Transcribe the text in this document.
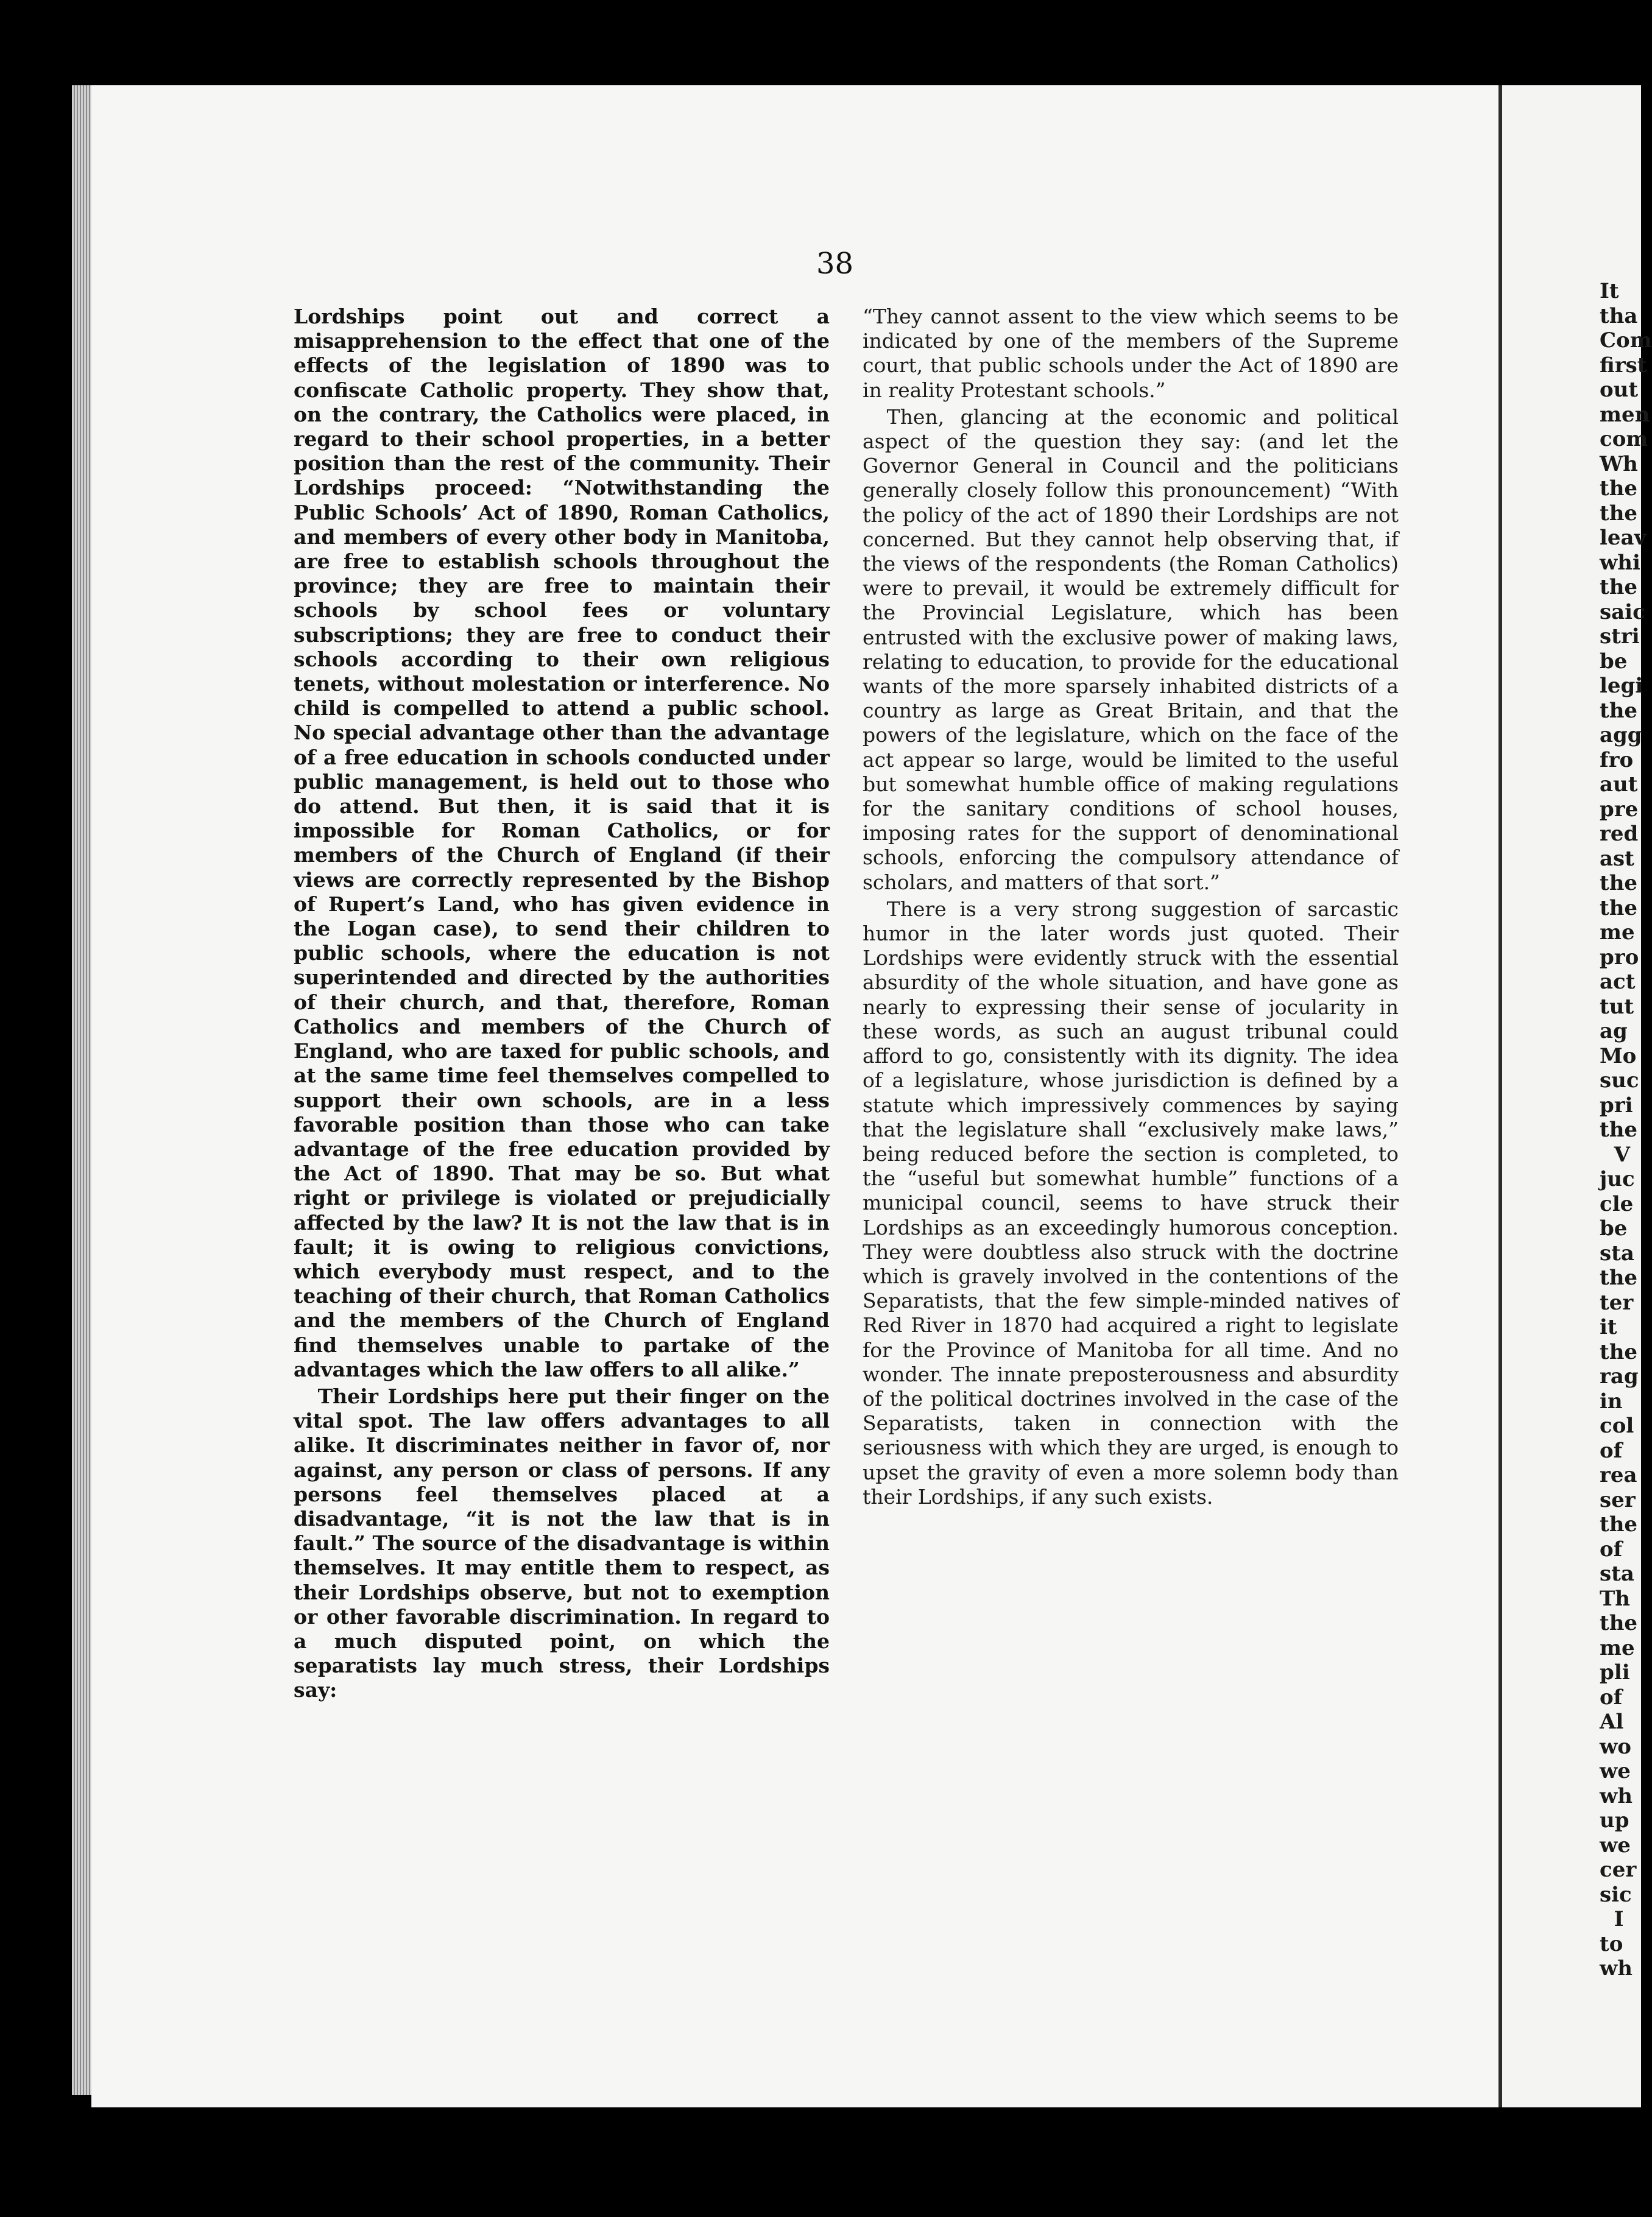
It
tha
Com
first
out
men
com
Wh
the
the
leav
whi
the
saic
stri
be
legi
the
agg
fro
aut
pre
red
ast
the
the
me
pro
act
tut
ag
Mo
suc
pri
the
V
juc
cle
be
sta
the
ter
it
the
rag
in
col
of
rea
ser
the
of
sta
Th
the
me
pli
of
Al
wo
we
wh
up
we
cer
sic
I
to
wh
38

Lordships point out and correct a misapprehension to the effect that one of the effects of the legislation of 1890 was to confiscate Catholic property. They show that, on the contrary, the Catholics were placed, in regard to their school properties, in a better position than the rest of the community. Their Lordships proceed: “Notwithstanding the Public Schools’ Act of 1890, Roman Catholics, and members of every other body in Manitoba, are free to establish schools throughout the province; they are free to maintain their schools by school fees or voluntary subscriptions; they are free to conduct their schools according to their own religious tenets, without molestation or interference. No child is compelled to attend a public school. No special advantage other than the advantage of a free education in schools conducted under public management, is held out to those who do attend. But then, it is said that it is impossible for Roman Catholics, or for members of the Church of England (if their views are correctly represented by the Bishop of Rupert’s Land, who has given evidence in the Logan case), to send their children to public schools, where the education is not superintended and directed by the authorities of their church, and that, therefore, Roman Catholics and members of the Church of England, who are taxed for public schools, and at the same time feel themselves compelled to support their own schools, are in a less favorable position than those who can take advantage of the free education provided by the Act of 1890. That may be so. But what right or privilege is violated or prejudicially affected by the law? It is not the law that is in fault; it is owing to religious convictions, which everybody must respect, and to the teaching of their church, that Roman Catholics and the members of the Church of England find themselves unable to partake of the advantages which the law offers to all alike.”

Their Lordships here put their finger on the vital spot. The law offers advantages to all alike. It discriminates neither in favor of, nor against, any person or class of persons. If any persons feel themselves placed at a disadvantage, “it is not the law that is in fault.” The source of the disadvantage is within themselves. It may entitle them to respect, as their Lordships observe, but not to exemption or other favorable discrimination. In regard to a much disputed point, on which the separatists lay much stress, their Lordships say:

“They cannot assent to the view which seems to be indicated by one of the members of the Supreme court, that public schools under the Act of 1890 are in reality Protestant schools.”

Then, glancing at the economic and political aspect of the question they say: (and let the Governor General in Council and the politicians generally closely follow this pronouncement) “With the policy of the act of 1890 their Lordships are not concerned. But they cannot help observing that, if the views of the respondents (the Roman Catholics) were to prevail, it would be extremely difficult for the Provincial Legislature, which has been entrusted with the exclusive power of making laws, relating to education, to provide for the educational wants of the more sparsely inhabited districts of a country as large as Great Britain, and that the powers of the legislature, which on the face of the act appear so large, would be limited to the useful but somewhat humble office of making regulations for the sanitary conditions of school houses, imposing rates for the support of denominational schools, enforcing the compulsory attendance of scholars, and matters of that sort.”

There is a very strong suggestion of sarcastic humor in the later words just quoted. Their Lordships were evidently struck with the essential absurdity of the whole situation, and have gone as nearly to expressing their sense of jocularity in these words, as such an august tribunal could afford to go, consistently with its dignity. The idea of a legislature, whose jurisdiction is defined by a statute which impressively commences by saying that the legislature shall “exclusively make laws,” being reduced before the section is completed, to the “useful but somewhat humble” functions of a municipal council, seems to have struck their Lordships as an exceedingly humorous conception. They were doubtless also struck with the doctrine which is gravely involved in the contentions of the Separatists, that the few simple-minded natives of Red River in 1870 had acquired a right to legislate for the Province of Manitoba for all time. And no wonder. The innate preposterousness and absurdity of the political doctrines involved in the case of the Separatists, taken in connection with the seriousness with which they are urged, is enough to upset the gravity of even a more solemn body than their Lordships, if any such exists.
